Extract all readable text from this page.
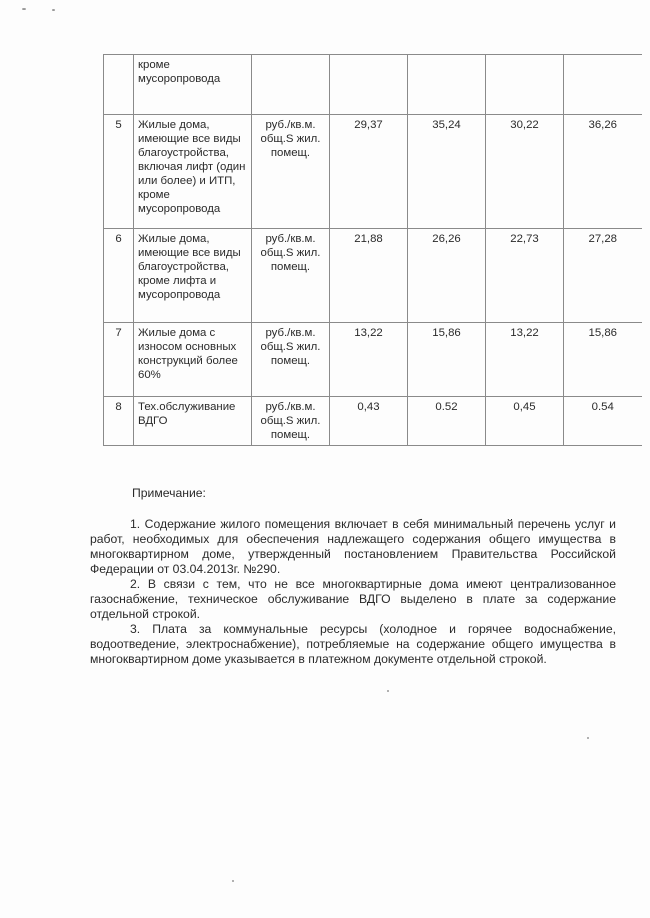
	кроме мусоропровода					
5	Жилые дома, имеющие все виды благоустройства, включая лифт (один или более) и ИТП, кроме мусоропровода	руб./кв.м. общ.S жил. помещ.	29,37	35,24	30,22	36,26
6	Жилые дома, имеющие все виды благоустройства, кроме лифта и мусоропровода	руб./кв.м. общ.S жил. помещ.	21,88	26,26	22,73	27,28
7	Жилые дома с износом основных конструкций более 60%	руб./кв.м. общ.S жил. помещ.	13,22	15,86	13,22	15,86
8	Тех.обслуживание ВДГО	руб./кв.м. общ.S жил. помещ.	0,43	0.52	0,45	0.54
Примечание:

1. Содержание жилого помещения включает в себя минимальный перечень услуг и работ, необходимых для обеспечения надлежащего содержания общего имущества в многоквартирном доме, утвержденный постановлением Правительства Российской Федерации от 03.04.2013г. №290.

2. В связи с тем, что не все многоквартирные дома имеют централизованное газоснабжение, техническое обслуживание ВДГО выделено в плате за содержание отдельной строкой.

3. Плата за коммунальные ресурсы (холодное и горячее водоснабжение, водоотведение, электроснабжение), потребляемые на содержание общего имущества в многоквартирном доме указывается в платежном документе отдельной строкой.
